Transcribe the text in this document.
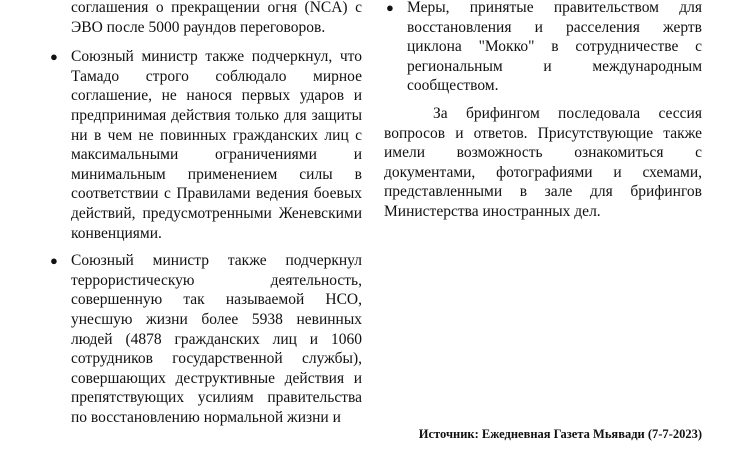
соглашения о прекращении огня (NCA) с ЭВО после 5000 раундов переговоров.
● Союзный министр также подчеркнул, что Тамадо строго соблюдало мирное соглашение, не нанося первых ударов и предпринимая действия только для защиты ни в чем не повинных гражданских лиц с максимальными ограничениями и минимальным применением силы в соответствии с Правилами ведения боевых действий, предусмотренными Женевскими конвенциями.
● Союзный министр также подчеркнул террористическую деятельность, совершенную так называемой НСО, унесшую жизни более 5938 невинных людей (4878 гражданских лиц и 1060 сотрудников государственной службы), совершающих деструктивные действия и препятствующих усилиям правительства по восстановлению нормальной жизни и
● Меры, принятые правительством для восстановления и расселения жертв циклона "Мокко" в сотрудничестве с региональным и международным сообществом.

За брифингом последовала сессия вопросов и ответов. Присутствующие также имели возможность ознакомиться с документами, фотографиями и схемами, представленными в зале для брифингов Министерства иностранных дел.

Источник: Ежедневная Газета Мьявади (7-7-2023)
